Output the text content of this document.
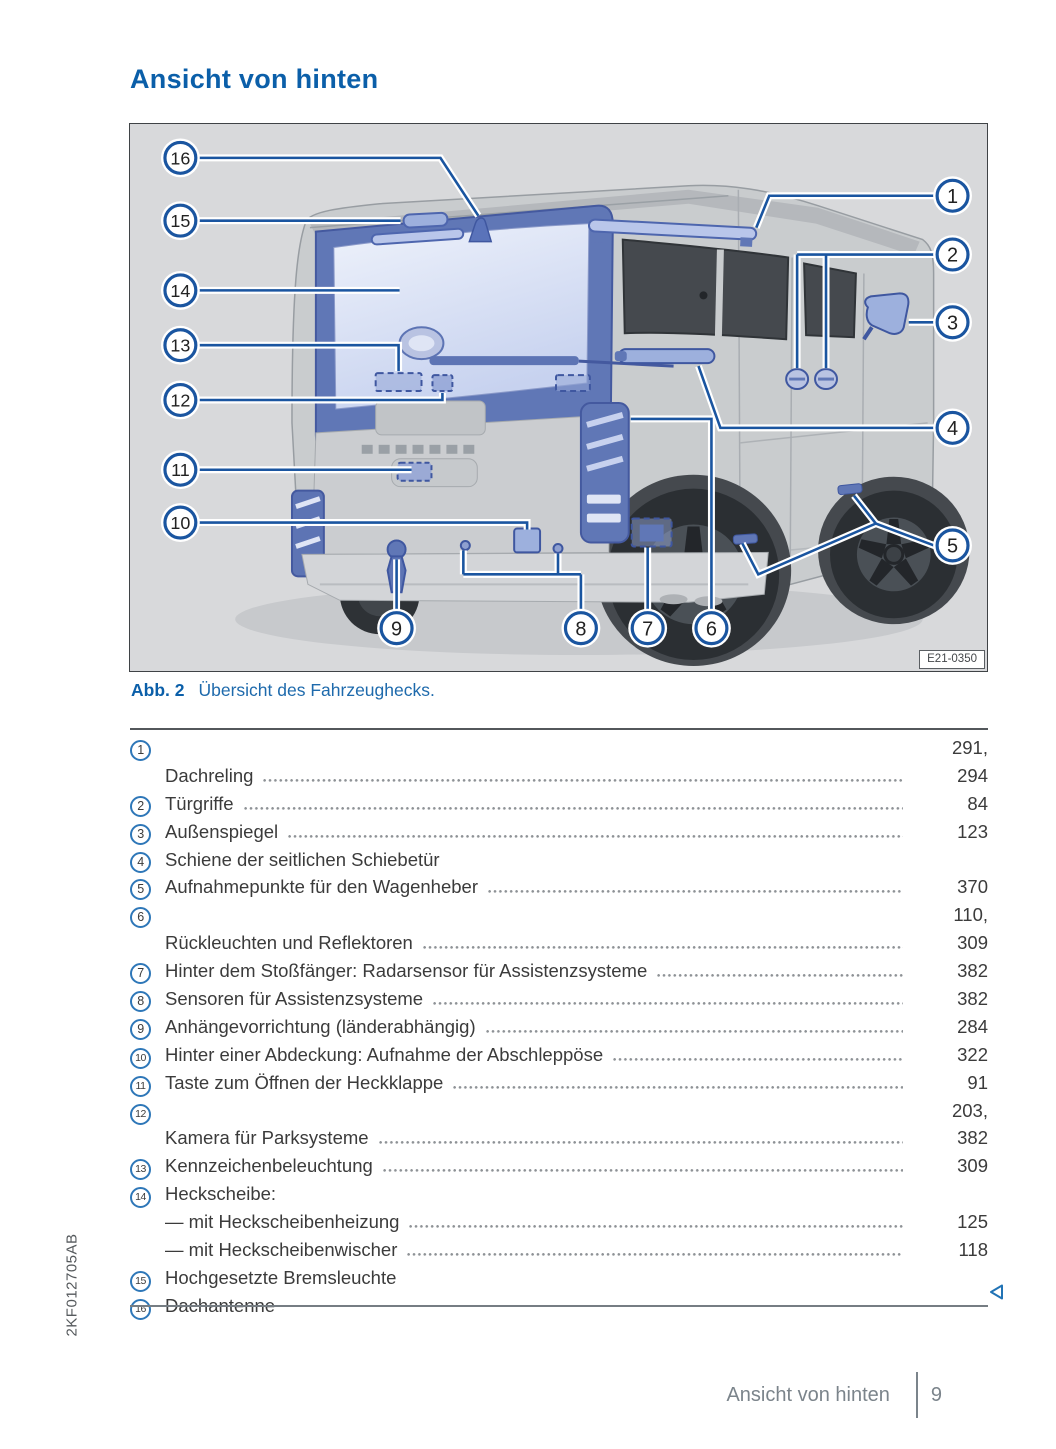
Ansicht von hinten
1
2
3
4
5
6
7
8
9
10
11
12
13
14
15
16
E21-0350
Abb. 2 Übersicht des Fahrzeughecks.
1	291,
Dachreling	294
2	Türgriffe	84
3	Außenspiegel	123
4	Schiene der seitlichen Schiebetür
5	Aufnahmepunkte für den Wagenheber	370
6	110,
Rückleuchten und Reflektoren	309
7	Hinter dem Stoßfänger: Radarsensor für Assistenzsysteme	382
8	Sensoren für Assistenzsysteme	382
9	Anhängevorrichtung (länderabhängig)	284
10	Hinter einer Abdeckung: Aufnahme der Abschleppöse	322
11	Taste zum Öffnen der Heckklappe	91
12	203,
Kamera für Parksysteme	382
13	Kennzeichenbeleuchtung	309
14	Heckscheibe:
— mit Heckscheibenheizung	125
— mit Heckscheibenwischer	118
15	Hochgesetzte Bremsleuchte
16	Dachantenne
2KF012705AB
Ansicht von hinten 9
